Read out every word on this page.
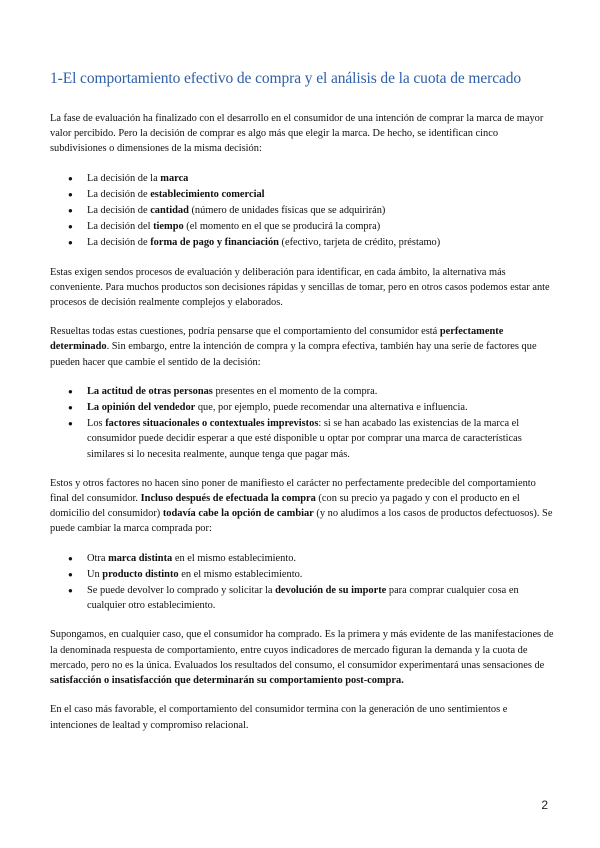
1-El comportamiento efectivo de compra y el análisis de la cuota de mercado

La fase de evaluación ha finalizado con el desarrollo en el consumidor de una intención de comprar la marca de mayor valor percibido. Pero la decisión de comprar es algo más que elegir la marca. De hecho, se identifican cinco subdivisiones o dimensiones de la misma decisión:

● La decisión de la marca
● La decisión de establecimiento comercial
● La decisión de cantidad (número de unidades físicas que se adquirirán)
● La decisión del tiempo (el momento en el que se producirá la compra)
● La decisión de forma de pago y financiación (efectivo, tarjeta de crédito, préstamo)

Estas exigen sendos procesos de evaluación y deliberación para identificar, en cada ámbito, la alternativa más conveniente. Para muchos productos son decisiones rápidas y sencillas de tomar, pero en otros casos podemos estar ante procesos de decisión realmente complejos y elaborados.

Resueltas todas estas cuestiones, podría pensarse que el comportamiento del consumidor está perfectamente determinado. Sin embargo, entre la intención de compra y la compra efectiva, también hay una serie de factores que pueden hacer que cambie el sentido de la decisión:

● La actitud de otras personas presentes en el momento de la compra.
● La opinión del vendedor que, por ejemplo, puede recomendar una alternativa e influencia.
● Los factores situacionales o contextuales imprevistos: si se han acabado las existencias de la marca el consumidor puede decidir esperar a que esté disponible u optar por comprar una marca de características similares si lo necesita realmente, aunque tenga que pagar más.

Estos y otros factores no hacen sino poner de manifiesto el carácter no perfectamente predecible del comportamiento final del consumidor. Incluso después de efectuada la compra (con su precio ya pagado y con el producto en el domicilio del consumidor) todavía cabe la opción de cambiar (y no aludimos a los casos de productos defectuosos). Se puede cambiar la marca comprada por:

● Otra marca distinta en el mismo establecimiento.
● Un producto distinto en el mismo establecimiento.
● Se puede devolver lo comprado y solicitar la devolución de su importe para comprar cualquier cosa en cualquier otro establecimiento.

Supongamos, en cualquier caso, que el consumidor ha comprado. Es la primera y más evidente de las manifestaciones de la denominada respuesta de comportamiento, entre cuyos indicadores de mercado figuran la demanda y la cuota de mercado, pero no es la única. Evaluados los resultados del consumo, el consumidor experimentará unas sensaciones de satisfacción o insatisfacción que determinarán su comportamiento post-compra.

En el caso más favorable, el comportamiento del consumidor termina con la generación de uno sentimientos e intenciones de lealtad y compromiso relacional.

2
